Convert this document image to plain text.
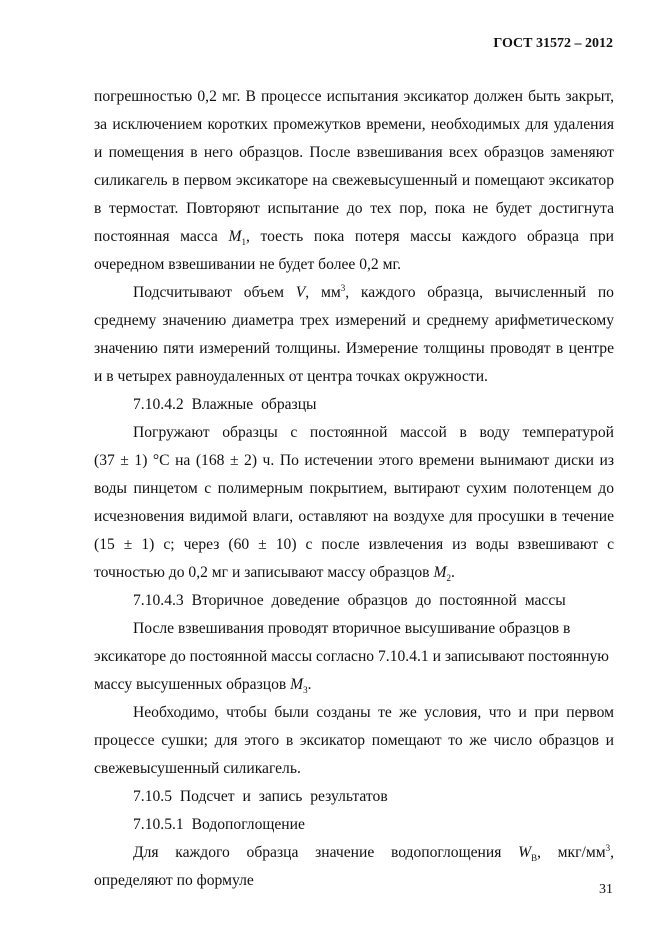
ГОСТ 31572 – 2012
погрешностью 0,2 мг. В процессе испытания эксикатор должен быть закрыт,
за исключением коротких промежутков времени, необходимых для удаления
и помещения в него образцов. После взвешивания всех образцов заменяют
силикагель в первом эксикаторе на свежевысушенный и помещают эксикатор
в термостат. Повторяют испытание до тех пор, пока не будет достигнута
постоянная масса $M_1$, тоесть пока потеря массы каждого образца при
очередном взвешивании не будет более 0,2 мг.
Подсчитывают объем V, $мм^3$, каждого образца, вычисленный по
среднему значению диаметра трех измерений и среднему арифметическому
значению пяти измерений толщины. Измерение толщины проводят в центре
и в четырех равноудаленных от центра точках окружности.
7.10.4.2 Влажные образцы
Погружают образцы с постоянной массой в воду температурой
(37 ± 1) °С на (168 ± 2) ч. По истечении этого времени вынимают диски из
воды пинцетом с полимерным покрытием, вытирают сухим полотенцем до
исчезновения видимой влаги, оставляют на воздухе для просушки в течение
(15 ± 1) с; через (60 ± 10) с после извлечения из воды взвешивают с
точностью до 0,2 мг и записывают массу образцов $M_2$.
7.10.4.3 Вторичное доведение образцов до постоянной массы
После взвешивания проводят вторичное высушивание образцов в
эксикаторе до постоянной массы согласно 7.10.4.1 и записывают постоянную
массу высушенных образцов $M_3$.
Необходимо, чтобы были созданы те же условия, что и при первом
процессе сушки; для этого в эксикатор помещают то же число образцов и
свежевысушенный силикагель.
7.10.5 Подсчет и запись результатов
7.10.5.1 Водопоглощение
Для каждого образца значение водопоглощения $W_B$, мкг/$мм^3$,
определяют по формуле
31
